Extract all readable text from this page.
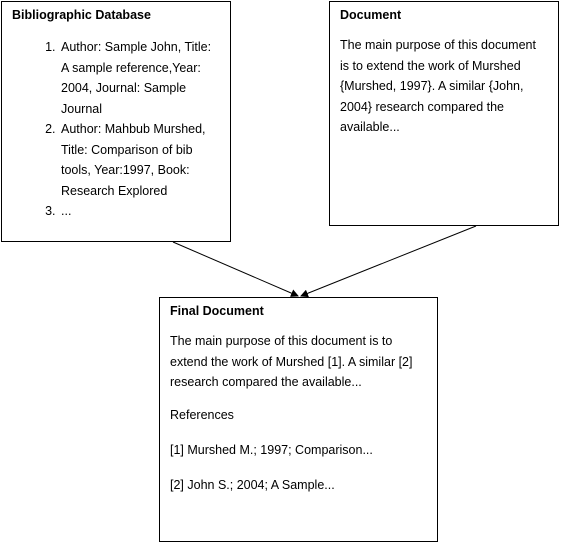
Bibliographic Database
1. Author: Sample John, Title: A sample reference,Year: 2004, Journal: Sample Journal
2. Author: Mahbub Murshed, Title: Comparison of bib tools, Year:1997, Book: Research Explored
3. ...
Document
The main purpose of this document is to extend the work of Murshed {Murshed, 1997}. A similar {John, 2004} research compared the available...
Final Document

The main purpose of this document is to extend the work of Murshed [1]. A similar [2] research compared the available...

References

[1] Murshed M.; 1997; Comparison...

[2] John S.; 2004; A Sample...
